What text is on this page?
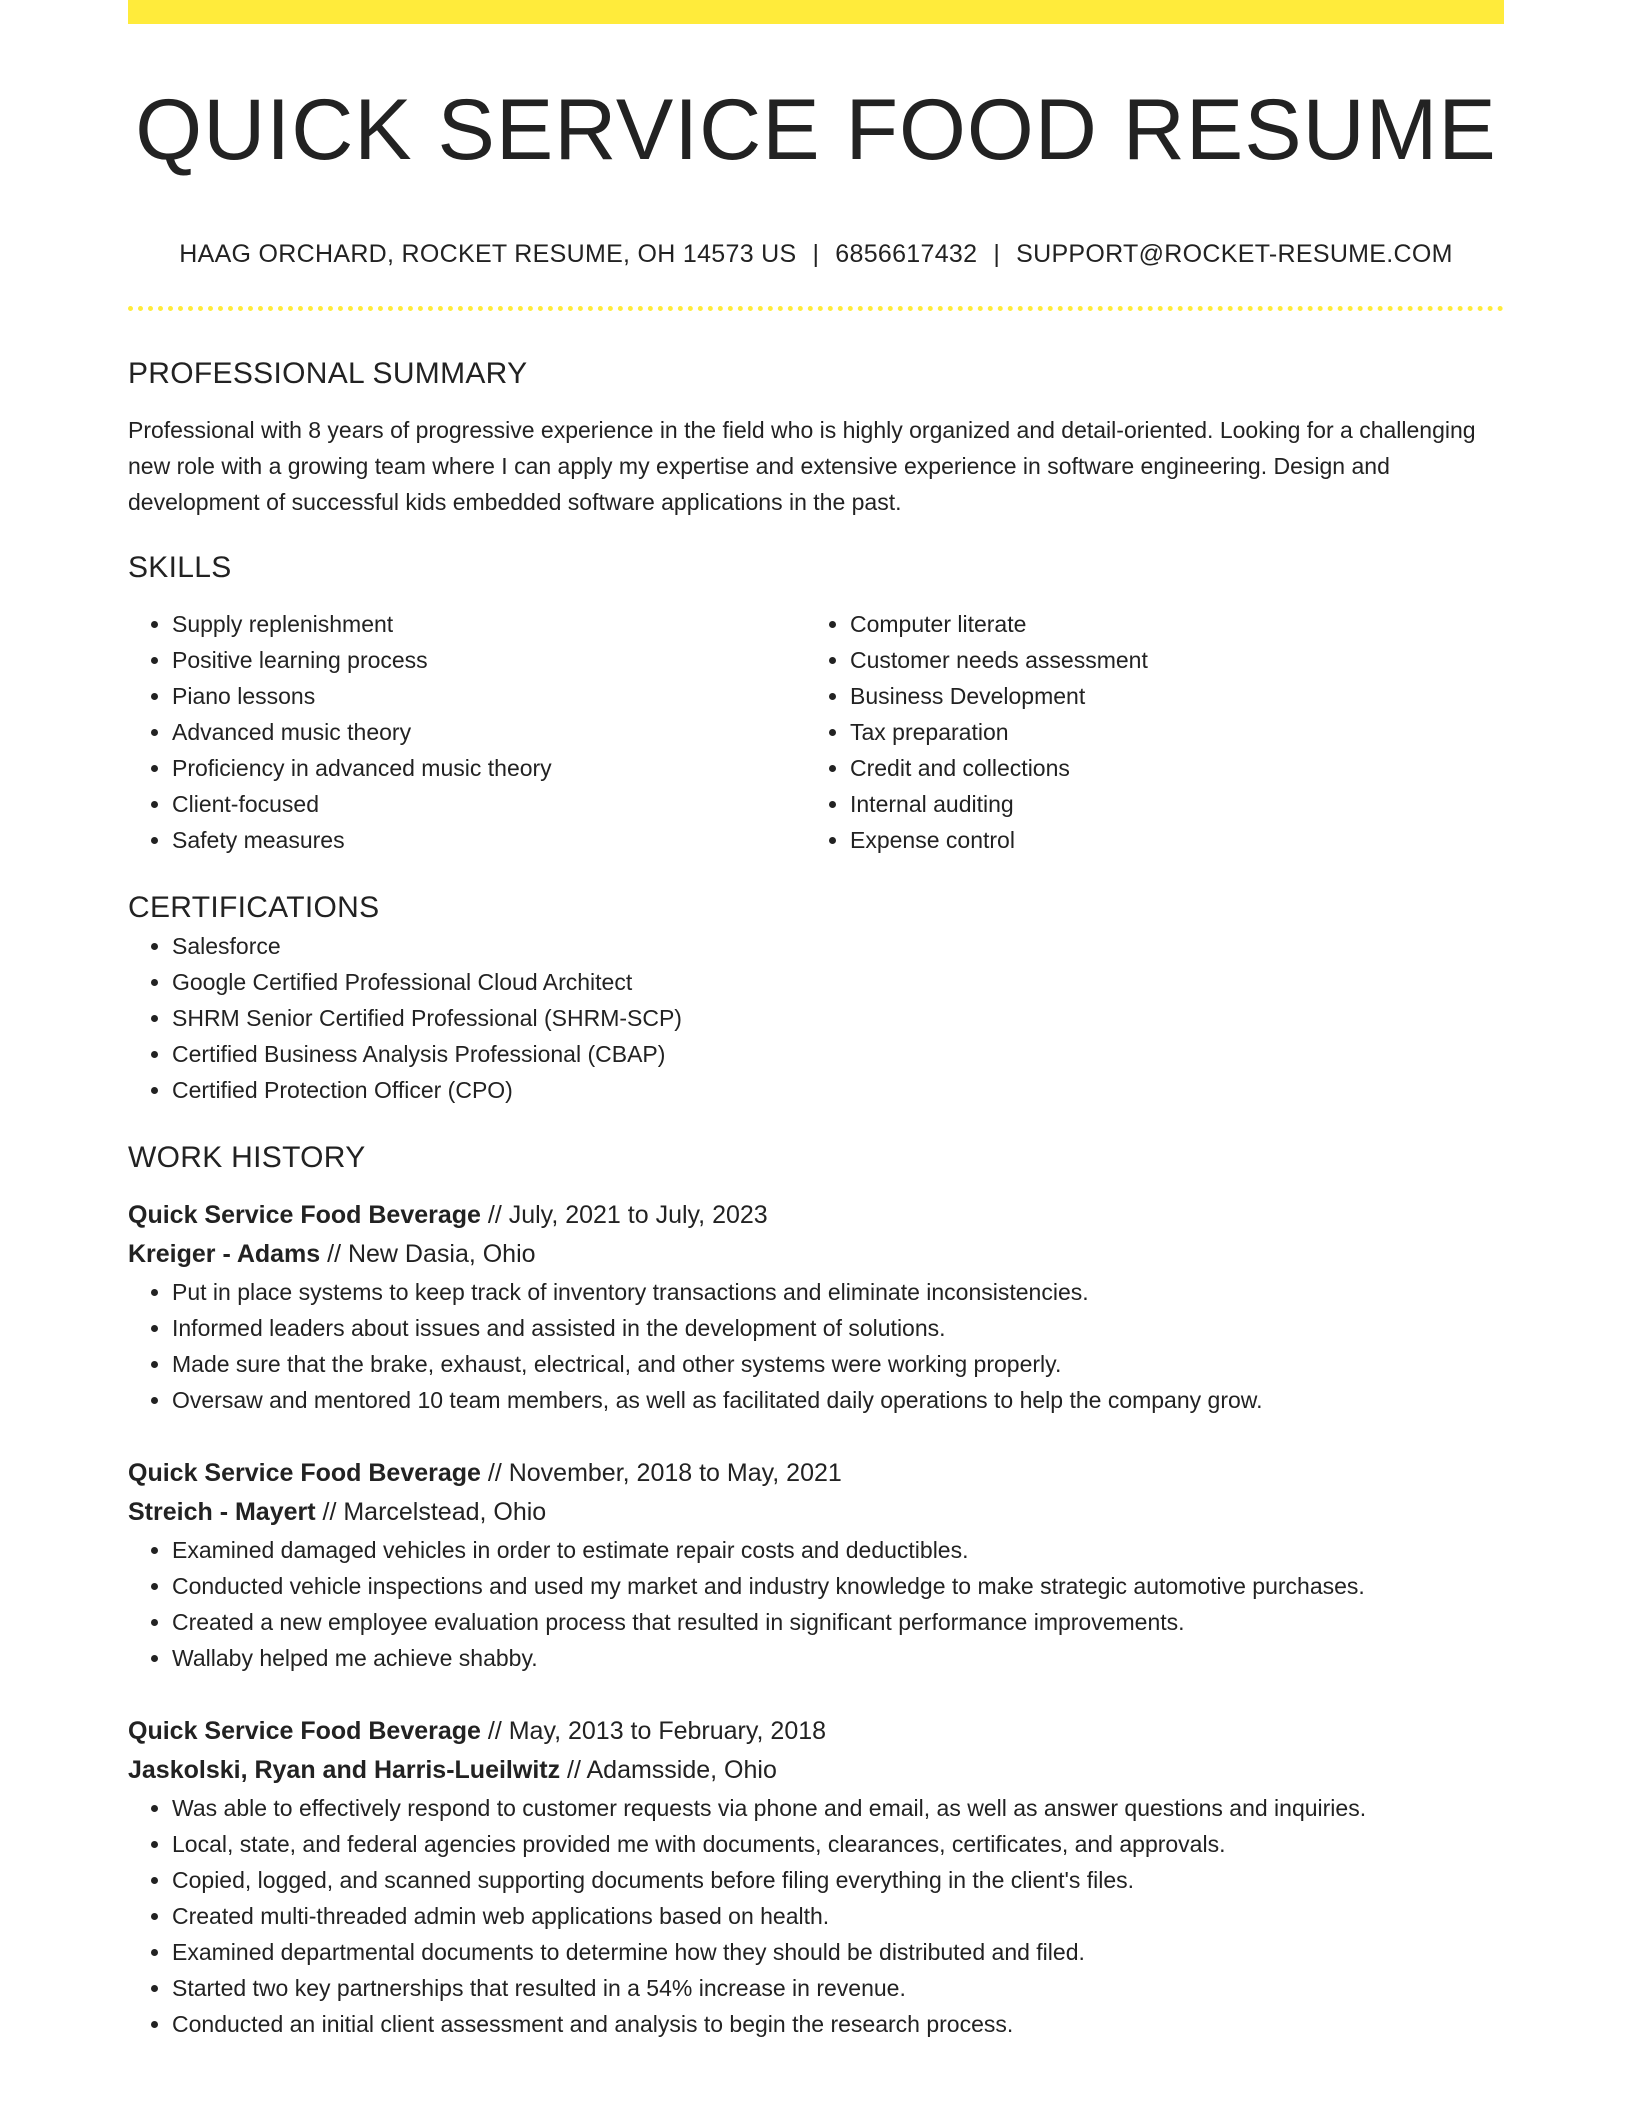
QUICK SERVICE FOOD RESUME
HAAG ORCHARD, ROCKET RESUME, OH 14573 US | 6856617432 | SUPPORT@ROCKET-RESUME.COM
PROFESSIONAL SUMMARY
Professional with 8 years of progressive experience in the field who is highly organized and detail-oriented. Looking for a challenging new role with a growing team where I can apply my expertise and extensive experience in software engineering. Design and development of successful kids embedded software applications in the past.
SKILLS
• Supply replenishment
• Positive learning process
• Piano lessons
• Advanced music theory
• Proficiency in advanced music theory
• Client-focused
• Safety measures
• Computer literate
• Customer needs assessment
• Business Development
• Tax preparation
• Credit and collections
• Internal auditing
• Expense control
CERTIFICATIONS
• Salesforce
• Google Certified Professional Cloud Architect
• SHRM Senior Certified Professional (SHRM-SCP)
• Certified Business Analysis Professional (CBAP)
• Certified Protection Officer (CPO)
WORK HISTORY
Quick Service Food Beverage // July, 2021 to July, 2023
Kreiger - Adams // New Dasia, Ohio
• Put in place systems to keep track of inventory transactions and eliminate inconsistencies.
• Informed leaders about issues and assisted in the development of solutions.
• Made sure that the brake, exhaust, electrical, and other systems were working properly.
• Oversaw and mentored 10 team members, as well as facilitated daily operations to help the company grow.
Quick Service Food Beverage // November, 2018 to May, 2021
Streich - Mayert // Marcelstead, Ohio
• Examined damaged vehicles in order to estimate repair costs and deductibles.
• Conducted vehicle inspections and used my market and industry knowledge to make strategic automotive purchases.
• Created a new employee evaluation process that resulted in significant performance improvements.
• Wallaby helped me achieve shabby.
Quick Service Food Beverage // May, 2013 to February, 2018
Jaskolski, Ryan and Harris-Lueilwitz // Adamsside, Ohio
• Was able to effectively respond to customer requests via phone and email, as well as answer questions and inquiries.
• Local, state, and federal agencies provided me with documents, clearances, certificates, and approvals.
• Copied, logged, and scanned supporting documents before filing everything in the client's files.
• Created multi-threaded admin web applications based on health.
• Examined departmental documents to determine how they should be distributed and filed.
• Started two key partnerships that resulted in a 54% increase in revenue.
• Conducted an initial client assessment and analysis to begin the research process.
